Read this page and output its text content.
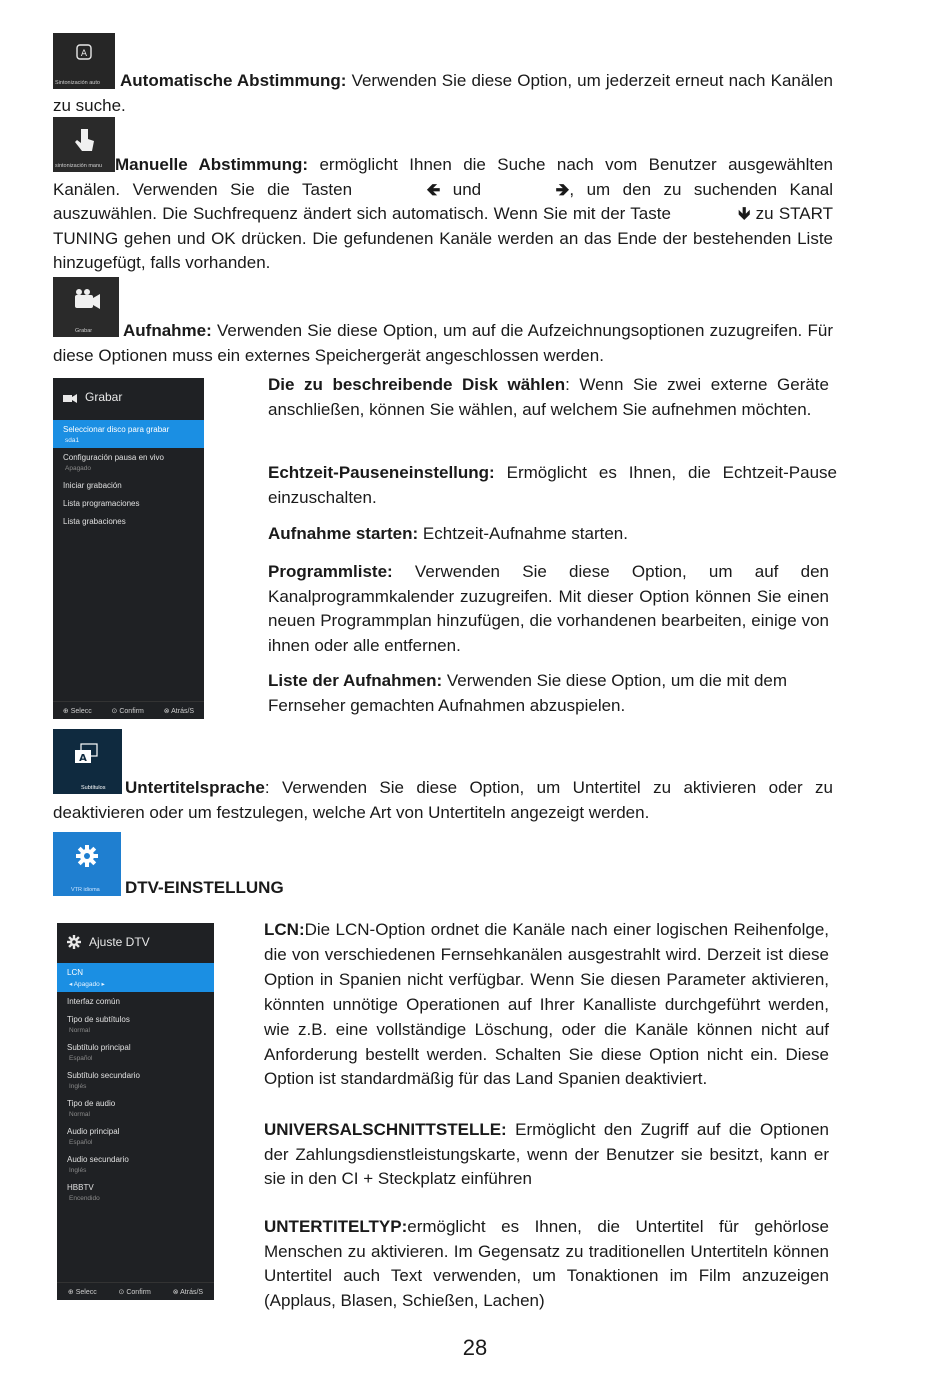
A
Sintonización auto	Automatische Abstimmung: Verwenden Sie diese Option, um jederzeit erneut nach Kanälen zu suche.
sintonización manu Manuelle Abstimmung: ermöglicht Ihnen die Suche nach vom Benutzer ausgewählten Kanälen. Verwenden Sie die Tasten	🡸 und	🡺, um den zu suchenden Kanal auszuwählen. Die Suchfrequenz ändert sich automatisch. Wenn Sie mit der Taste	🡻 zu START TUNING gehen und OK drücken. Die gefundenen Kanäle werden an das Ende der bestehenden Liste hinzugefügt, falls vorhanden.
Grabar	Aufnahme: Verwenden Sie diese Option, um auf die Aufzeichnungsoptionen zuzugreifen. Für diese Optionen muss ein externes Speichergerät angeschlossen werden.
Grabar
Seleccionar disco para grabar
sda1
Configuración pausa en vivo
Apagado
Iniciar grabación
Lista programaciones
Lista grabaciones
⊕ Selecc	⊙ Confirm	⊗ Atrás/S
Die zu beschreibende Disk wählen: Wenn Sie zwei externe Geräte anschließen, können Sie wählen, auf welchem Sie aufnehmen möchten.
Echtzeit-Pauseneinstellung: Ermöglicht es Ihnen, die Echtzeit-Pause einzuschalten.
Aufnahme starten: Echtzeit-Aufnahme starten.
Programmliste: Verwenden Sie diese Option, um auf den Kanalprogrammkalender zuzugreifen. Mit dieser Option können Sie einen neuen Programmplan hinzufügen, die vorhandenen bearbeiten, einige von ihnen oder alle entfernen.
Liste der Aufnahmen: Verwenden Sie diese Option, um die mit dem Fernseher gemachten Aufnahmen abzuspielen.
A
Subtítulos	Untertitelsprache: Verwenden Sie diese Option, um Untertitel zu aktivieren oder zu deaktivieren oder um festzulegen, welche Art von Untertiteln angezeigt werden.
VTR idioma	DTV-EINSTELLUNG
Ajuste DTV
LCN
◂ Apagado ▸
Interfaz común
Tipo de subtítulos
Normal
Subtítulo principal
Español
Subtítulo secundario
Inglés
Tipo de audio
Normal
Audio principal
Español
Audio secundario
Inglés
HBBTV
Encendido
⊕ Selecc	⊙ Confirm	⊗ Atrás/S
LCN:Die LCN-Option ordnet die Kanäle nach einer logischen Reihenfolge, die von verschiedenen Fernsehkanälen ausgestrahlt wird. Derzeit ist diese Option in Spanien nicht verfügbar. Wenn Sie diesen Parameter aktivieren, könnten unnötige Operationen auf Ihrer Kanalliste durchgeführt werden, wie z.B. eine vollständige Löschung, oder die Kanäle können nicht auf Anforderung bestellt werden. Schalten Sie diese Option nicht ein. Diese Option ist standardmäßig für das Land Spanien deaktiviert.
UNIVERSALSCHNITTSTELLE: Ermöglicht den Zugriff auf die Optionen der Zahlungsdienstleistungskarte, wenn der Benutzer sie besitzt, kann er sie in den CI + Steckplatz einführen
UNTERTITELTYP:ermöglicht es Ihnen, die Untertitel für gehörlose Menschen zu aktivieren. Im Gegensatz zu traditionellen Untertiteln können Untertitel auch Text verwenden, um Tonaktionen im Film anzuzeigen (Applaus, Blasen, Schießen, Lachen)
28
